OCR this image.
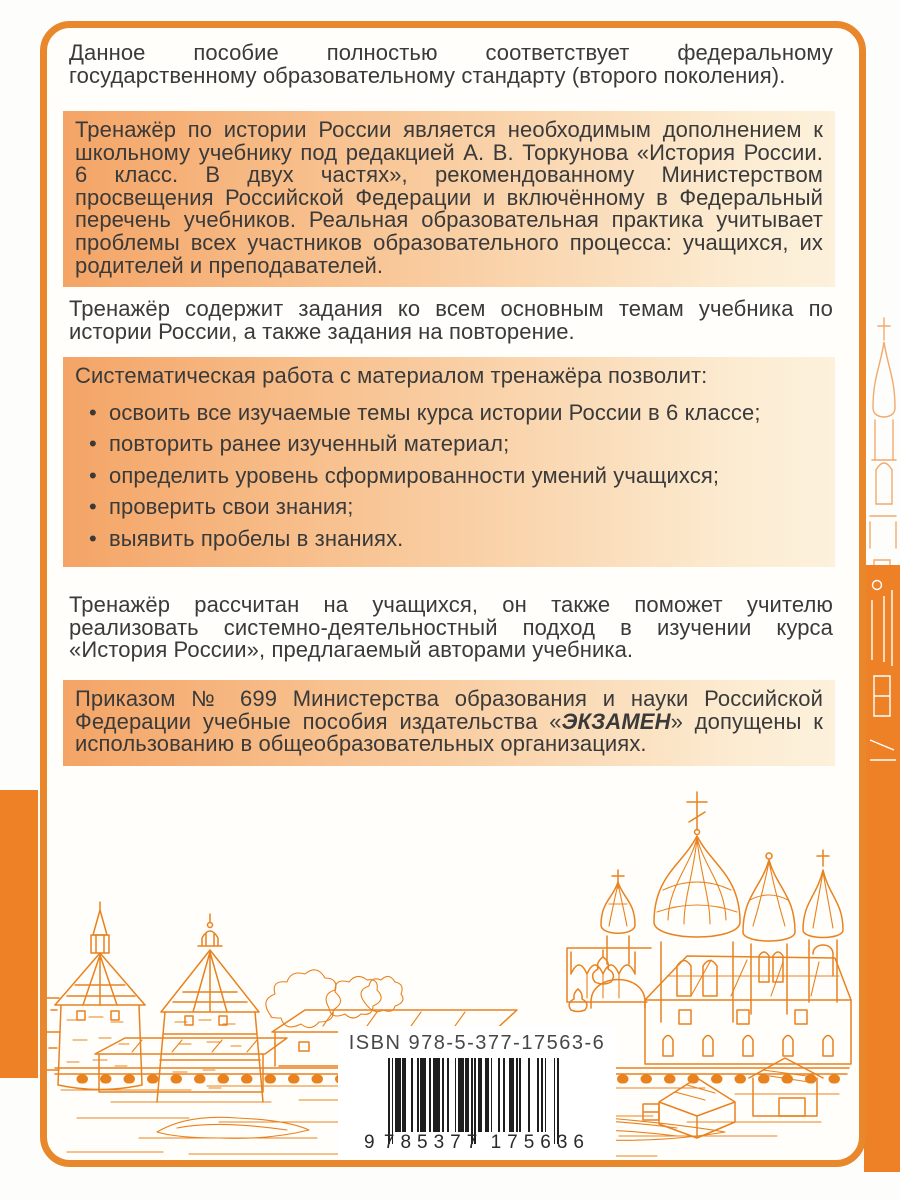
Данное пособие полностью соответствует федеральному государственному образовательному стандарту (второго поколения).

Тренажёр по истории России является необходимым дополнением к школьному учебнику под редакцией А. В. Торкунова «История России. 6 класс. В двух частях», рекомендованному Министерством просвещения Российской Федерации и включённому в Федеральный перечень учебников. Реальная образовательная практика учитывает проблемы всех участников образовательного процесса: учащихся, их родителей и преподавателей.

Тренажёр содержит задания ко всем основным темам учебника по истории России, а также задания на повторение.

Систематическая работа с материалом тренажёра позволит:
• освоить все изучаемые темы курса истории России в 6 классе;
• повторить ранее изученный материал;
• определить уровень сформированности умений учащихся;
• проверить свои знания;
• выявить пробелы в знаниях.

Тренажёр рассчитан на учащихся, он также поможет учителю реализовать системно-деятельностный подход в изучении курса «История России», предлагаемый авторами учебника.

Приказом № 699 Министерства образования и науки Российской Федерации учебные пособия издательства «ЭКЗАМЕН» допущены к использованию в общеобразовательных организациях.
ISBN 978-5-377-17563-6
9 785377 175636
